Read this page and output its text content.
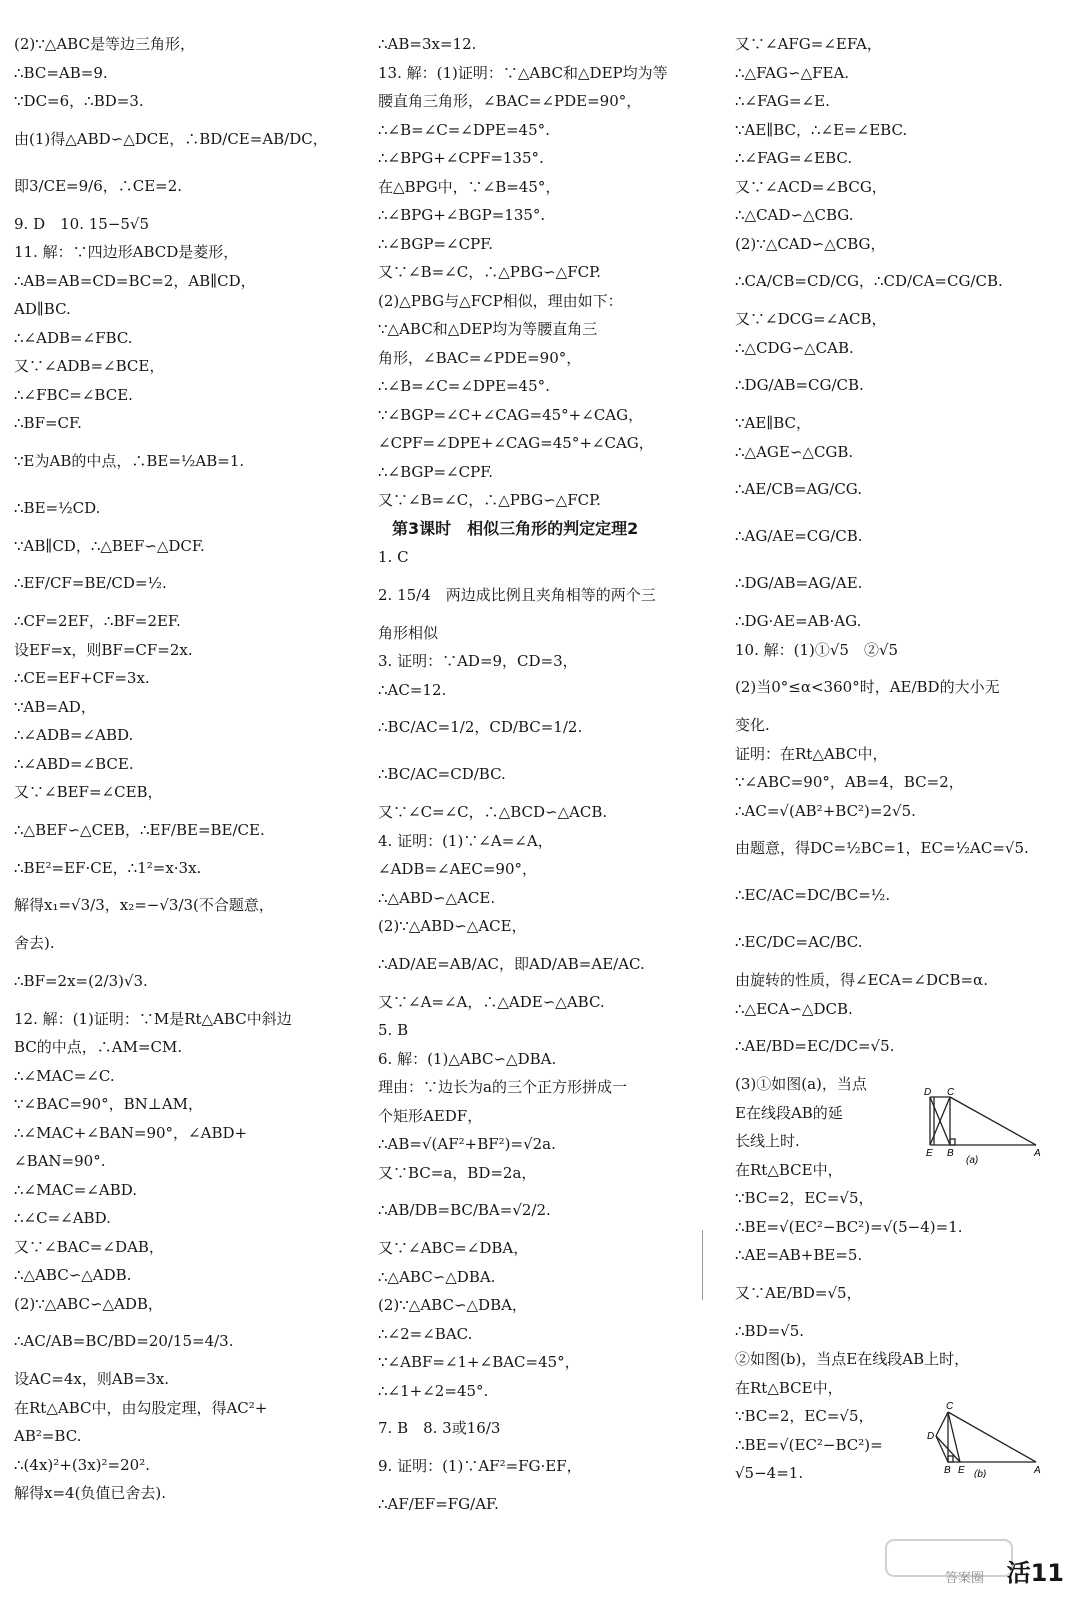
(2)∵△ABC是等边三角形，
∴BC=AB=9.
∵DC=6，∴BD=3.
由(1)得△ABD∽△DCE，∴BD/CE=AB/DC，
即3/CE=9/6，∴CE=2.
9. D　10. 15−5√5
11. 解：∵四边形ABCD是菱形，
∴AB=AB=CD=BC=2，AB∥CD，
AD∥BC.
∴∠ADB=∠FBC.
又∵∠ADB=∠BCE，
∴∠FBC=∠BCE.
∴BF=CF.
∵E为AB的中点，∴BE=½AB=1.
∴BE=½CD.
∵AB∥CD，∴△BEF∽△DCF.
∴EF/CF=BE/CD=½.
∴CF=2EF，∴BF=2EF.
设EF=x，则BF=CF=2x.
∴CE=EF+CF=3x.
∵AB=AD，
∴∠ADB=∠ABD.
∴∠ABD=∠BCE.
又∵∠BEF=∠CEB，
∴△BEF∽△CEB，∴EF/BE=BE/CE.
∴BE²=EF·CE，∴1²=x·3x.
解得x₁=√3/3，x₂=−√3/3(不合题意，
舍去).
∴BF=2x=(2/3)√3.
12. 解：(1)证明：∵M是Rt△ABC中斜边
BC的中点，∴AM=CM.
∴∠MAC=∠C.
∵∠BAC=90°，BN⊥AM，
∴∠MAC+∠BAN=90°，∠ABD+
∠BAN=90°.
∴∠MAC=∠ABD.
∴∠C=∠ABD.
又∵∠BAC=∠DAB，
∴△ABC∽△ADB.
(2)∵△ABC∽△ADB，
∴AC/AB=BC/BD=20/15=4/3.
设AC=4x，则AB=3x.
在Rt△ABC中，由勾股定理，得AC²+
AB²=BC.
∴(4x)²+(3x)²=20².
解得x=4(负值已舍去).
∴AB=3x=12.
13. 解：(1)证明：∵△ABC和△DEP均为等
腰直角三角形，∠BAC=∠PDE=90°，
∴∠B=∠C=∠DPE=45°.
∴∠BPG+∠CPF=135°.
在△BPG中，∵∠B=45°，
∴∠BPG+∠BGP=135°.
∴∠BGP=∠CPF.
又∵∠B=∠C，∴△PBG∽△FCP.
(2)△PBG与△FCP相似，理由如下：
∵△ABC和△DEP均为等腰直角三
角形，∠BAC=∠PDE=90°，
∴∠B=∠C=∠DPE=45°.
∵∠BGP=∠C+∠CAG=45°+∠CAG，
∠CPF=∠DPE+∠CAG=45°+∠CAG，
∴∠BGP=∠CPF.
又∵∠B=∠C，∴△PBG∽△FCP.
第3课时　相似三角形的判定定理2
1. C
2. 15/4　两边成比例且夹角相等的两个三
角形相似
3. 证明：∵AD=9，CD=3，
∴AC=12.
∴BC/AC=1/2，CD/BC=1/2.
∴BC/AC=CD/BC.
又∵∠C=∠C，∴△BCD∽△ACB.
4. 证明：(1)∵∠A=∠A，
∠ADB=∠AEC=90°，
∴△ABD∽△ACE.
(2)∵△ABD∽△ACE，
∴AD/AE=AB/AC，即AD/AB=AE/AC.
又∵∠A=∠A，∴△ADE∽△ABC.
5. B
6. 解：(1)△ABC∽△DBA.
理由：∵边长为a的三个正方形拼成一
个矩形AEDF，
∴AB=√(AF²+BF²)=√2a.
又∵BC=a，BD=2a，
∴AB/DB=BC/BA=√2/2.
又∵∠ABC=∠DBA，
∴△ABC∽△DBA.
(2)∵△ABC∽△DBA，
∴∠2=∠BAC.
∵∠ABF=∠1+∠BAC=45°，
∴∠1+∠2=45°.
7. B　8. 3或16/3
9. 证明：(1)∵AF²=FG·EF，
∴AF/EF=FG/AF.
又∵∠AFG=∠EFA，
∴△FAG∽△FEA.
∴∠FAG=∠E.
∵AE∥BC，∴∠E=∠EBC.
∴∠FAG=∠EBC.
又∵∠ACD=∠BCG，
∴△CAD∽△CBG.
(2)∵△CAD∽△CBG，
∴CA/CB=CD/CG，∴CD/CA=CG/CB.
又∵∠DCG=∠ACB，
∴△CDG∽△CAB.
∴DG/AB=CG/CB.
∵AE∥BC，
∴△AGE∽△CGB.
∴AE/CB=AG/CG.
∴AG/AE=CG/CB.
∴DG/AB=AG/AE.
∴DG·AE=AB·AG.
10. 解：(1)①√5　②√5
(2)当0°≤α<360°时，AE/BD的大小无
变化.
证明：在Rt△ABC中，
∵∠ABC=90°，AB=4，BC=2，
∴AC=√(AB²+BC²)=2√5.
由题意，得DC=½BC=1，EC=½AC=√5.
∴EC/AC=DC/BC=½.
∴EC/DC=AC/BC.
由旋转的性质，得∠ECA=∠DCB=α.
∴△ECA∽△DCB.
∴AE/BD=EC/DC=√5.
(3)①如图(a)，当点
E在线段AB的延
长线上时.
在Rt△BCE中，
∵BC=2，EC=√5，
∴BE=√(EC²−BC²)=√(5−4)=1.
∴AE=AB+BE=5.
又∵AE/BD=√5，
∴BD=√5.
②如图(b)，当点E在线段AB上时，
在Rt△BCE中，
∵BC=2，EC=√5，
∴BE=√(EC²−BC²)=
√5−4=1.
D C
E B	A
(a)
C
D
B E	A
(b)
答案圈 活11
